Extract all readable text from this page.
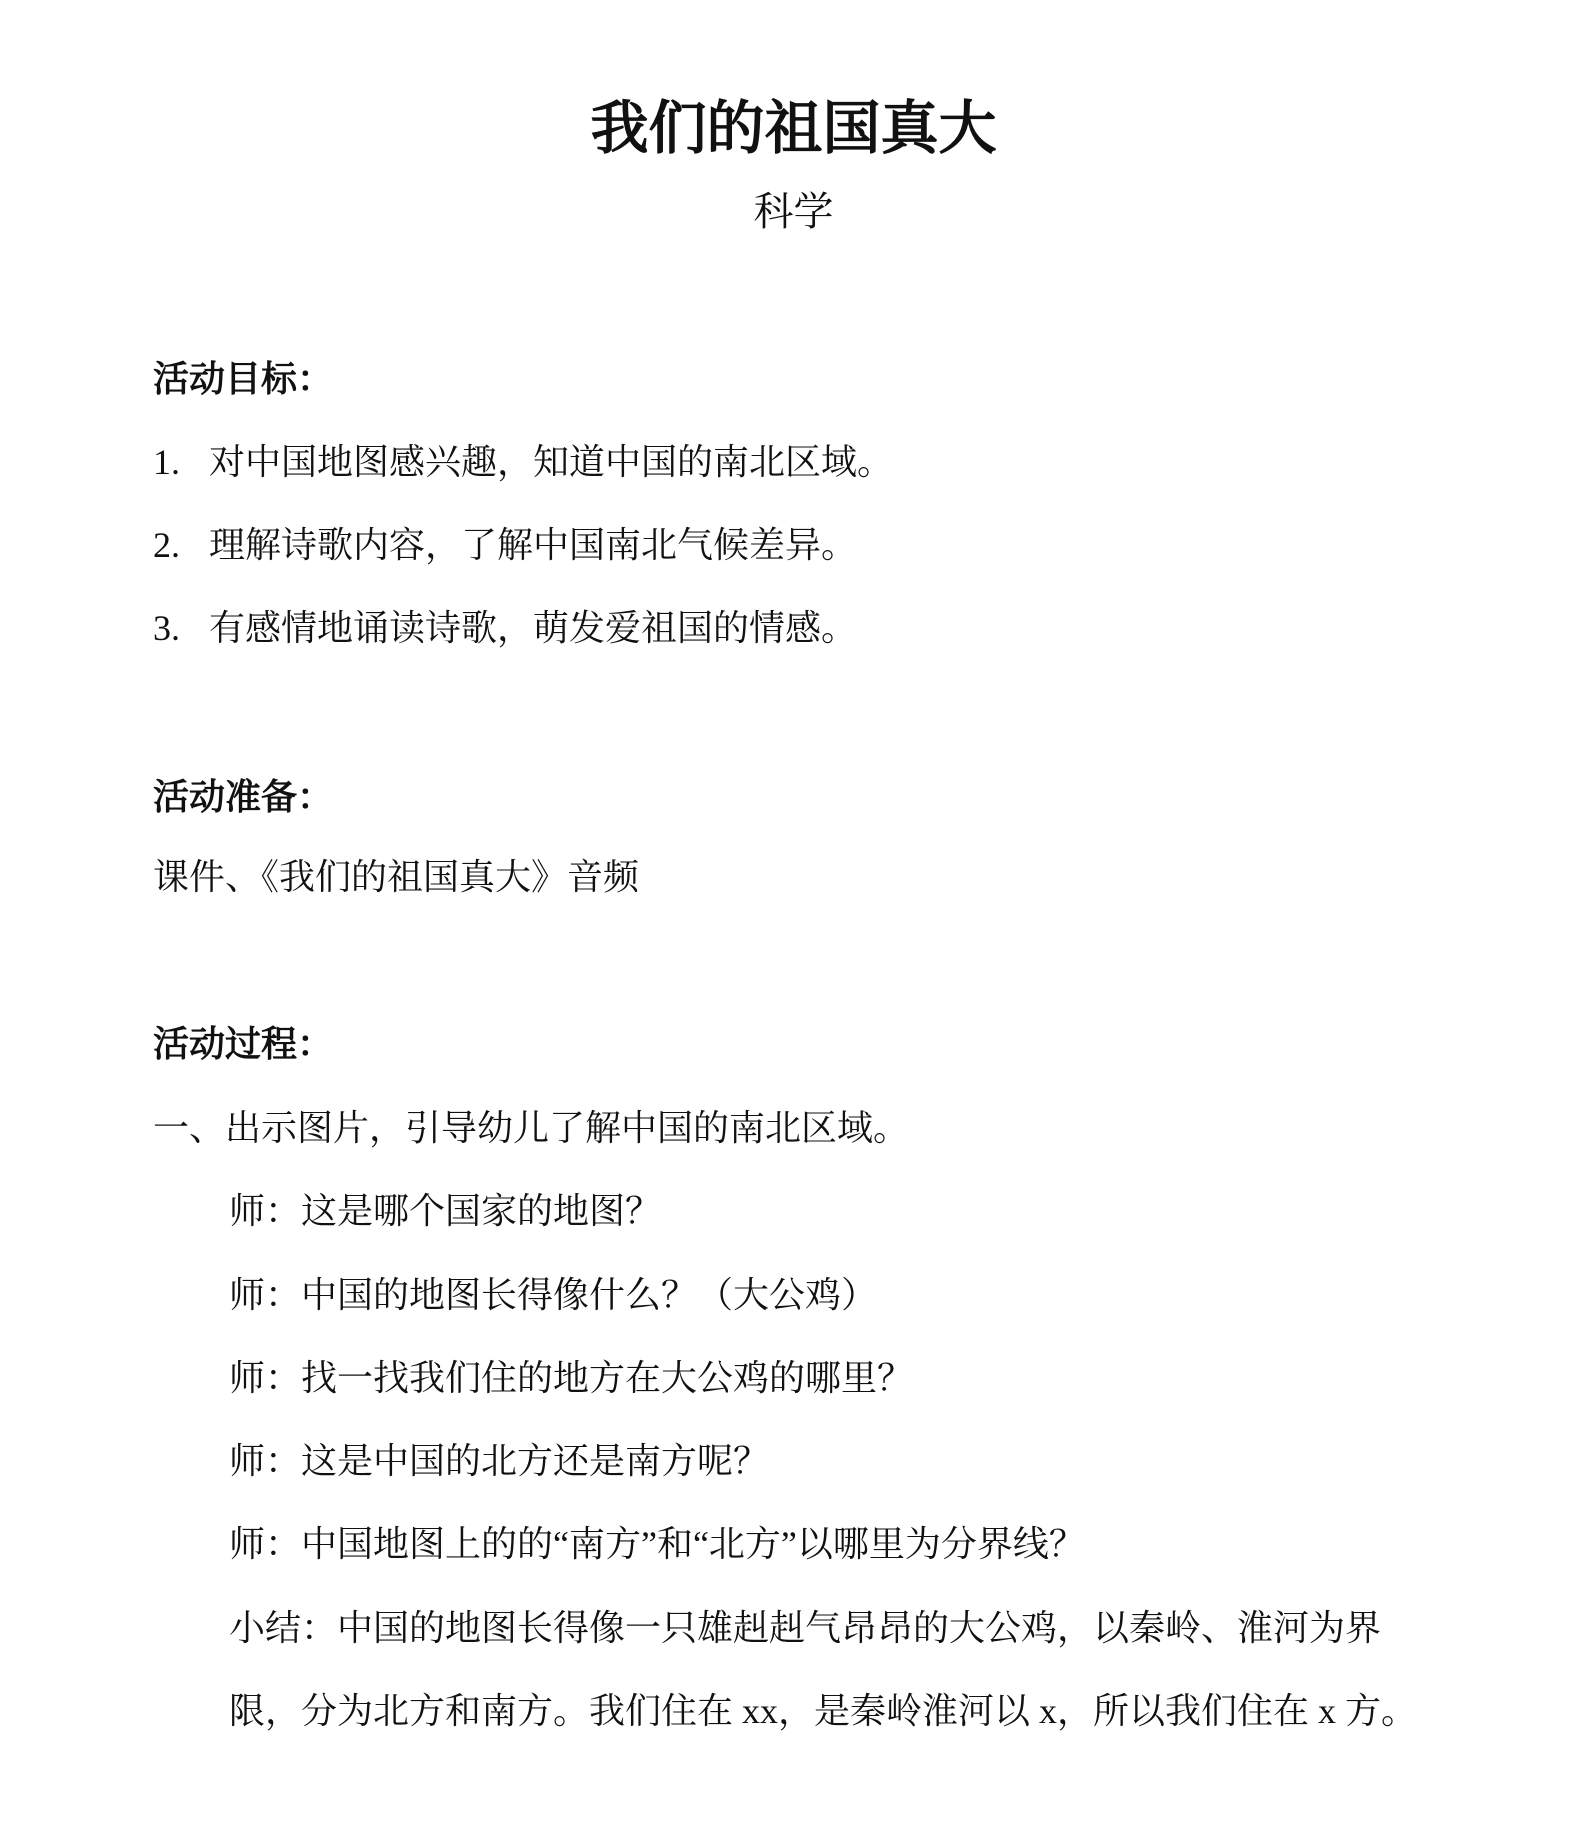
我们的祖国真大
科学
活动目标：
1. 对中国地图感兴趣，知道中国的南北区域。
2. 理解诗歌内容，了解中国南北气候差异。
3. 有感情地诵读诗歌，萌发爱祖国的情感。
活动准备：
课件、《我们的祖国真大》音频
活动过程：
一、出示图片，引导幼儿了解中国的南北区域。
师：这是哪个国家的地图？
师：中国的地图长得像什么？（大公鸡）
师：找一找我们住的地方在大公鸡的哪里？
师：这是中国的北方还是南方呢？
师：中国地图上的的“南方”和“北方”以哪里为分界线？
小结：中国的地图长得像一只雄赳赳气昂昂的大公鸡，以秦岭、淮河为界
限，分为北方和南方。我们住在 xx，是秦岭淮河以 x，所以我们住在 x 方。
